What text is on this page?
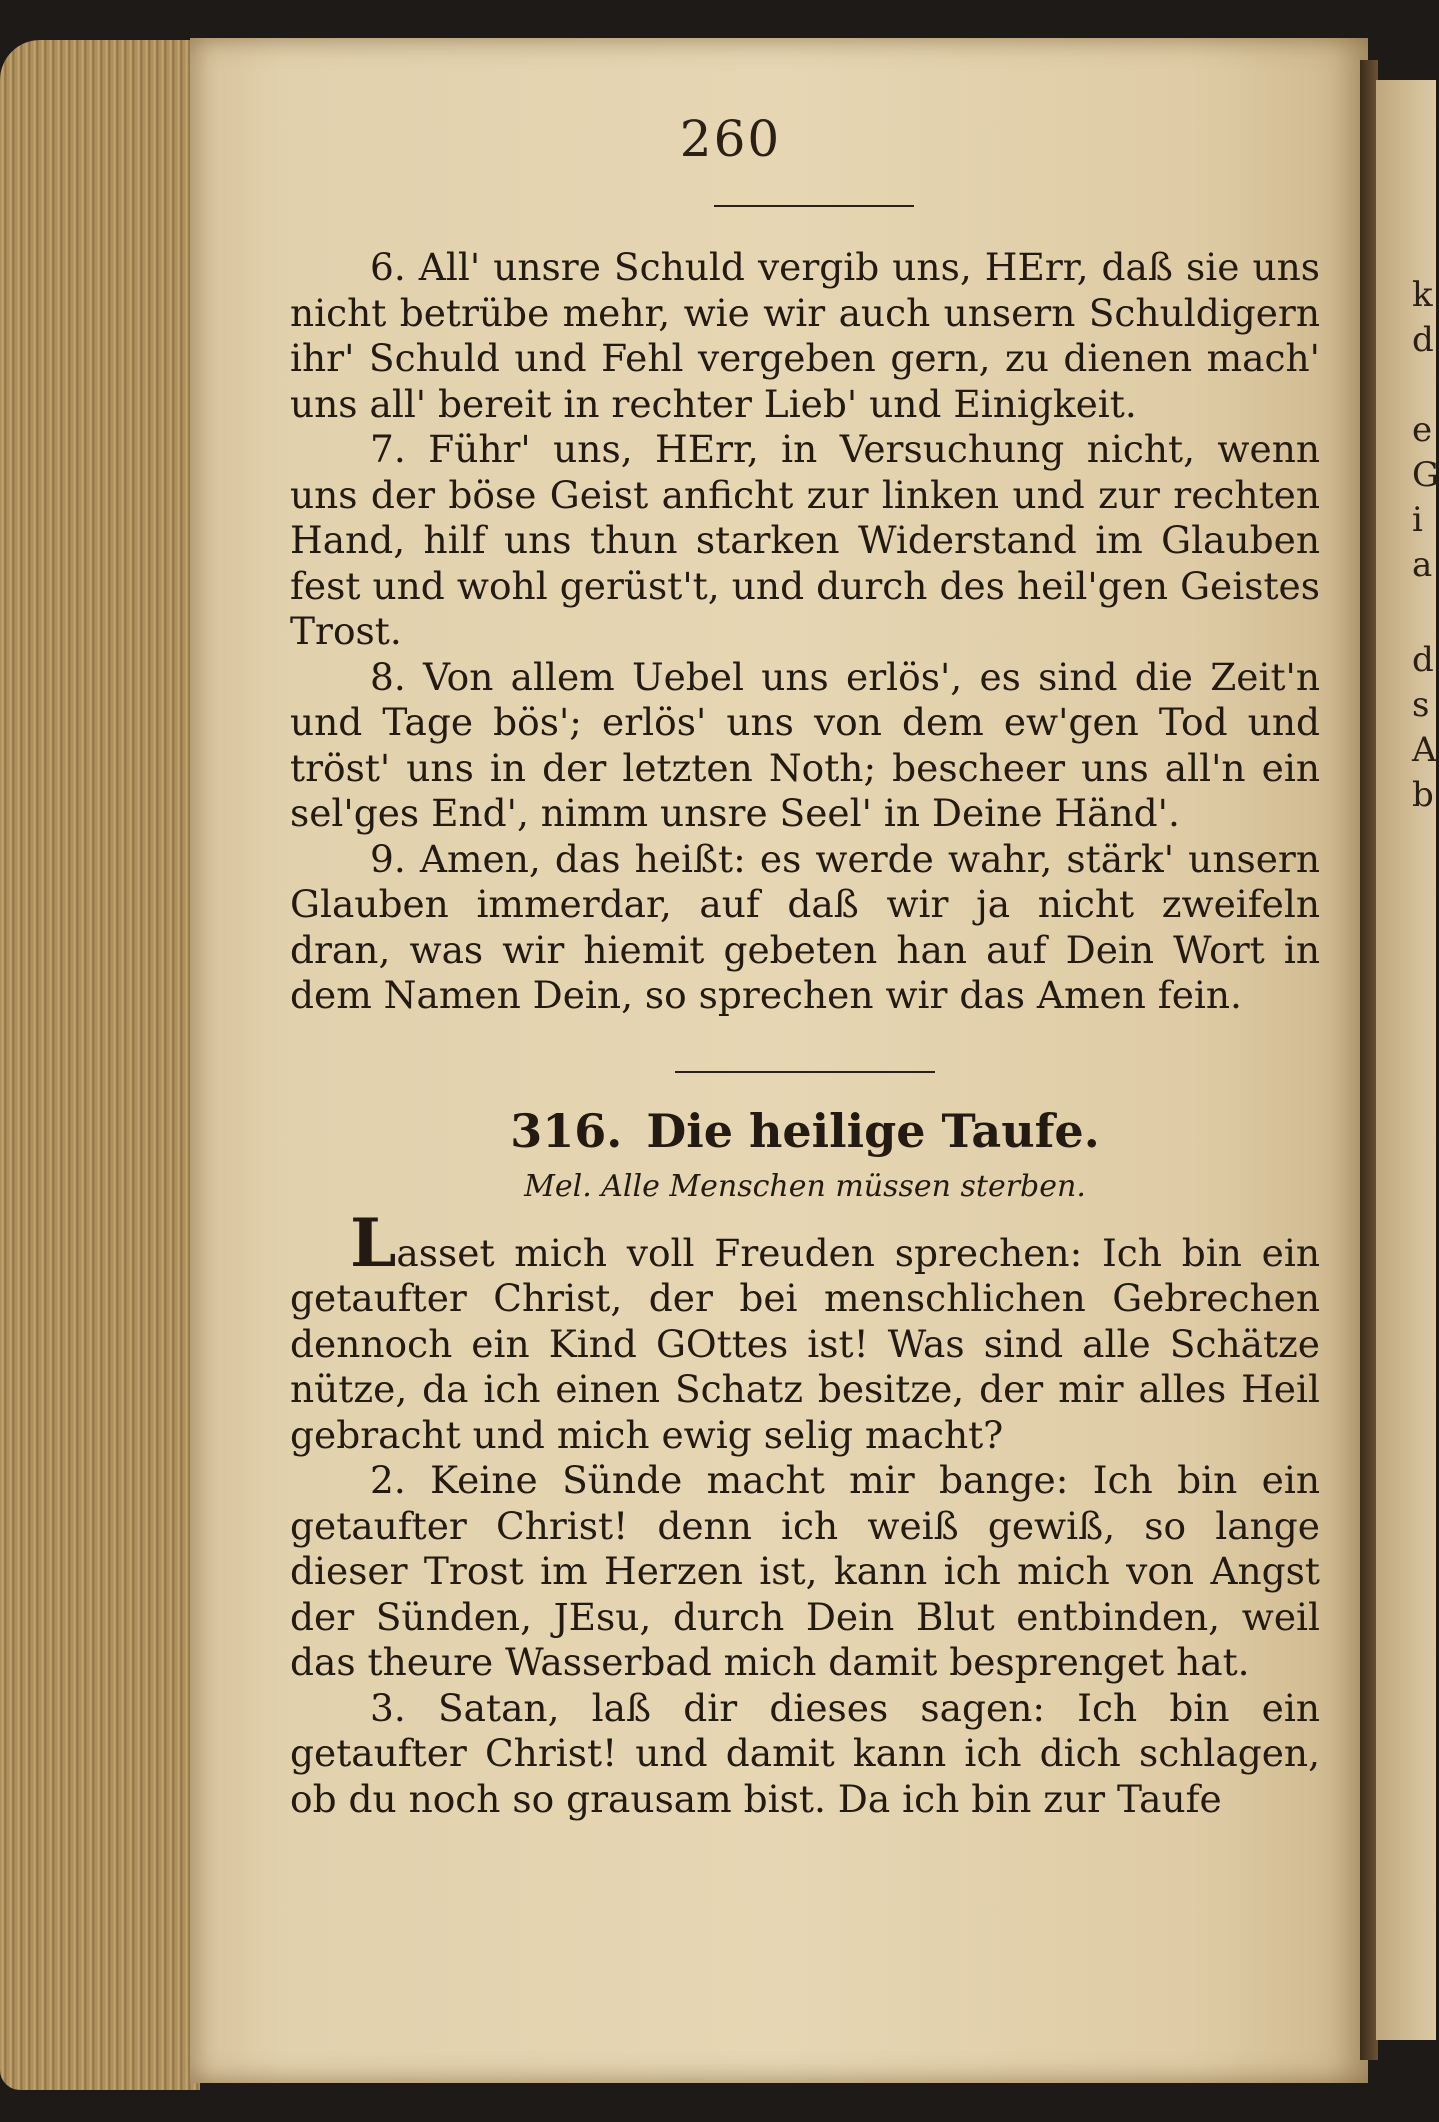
k
d
e
G
i
a
d
s
A
b
260

6. All' unsre Schuld vergib uns, HErr, daß sie uns nicht betrübe mehr, wie wir auch unsern Schuldigern ihr' Schuld und Fehl vergeben gern, zu dienen mach' uns all' bereit in rechter Lieb' und Einigkeit.

7. Führ' uns, HErr, in Versuchung nicht, wenn uns der böse Geist anficht zur linken und zur rechten Hand, hilf uns thun starken Widerstand im Glauben fest und wohl gerüst't, und durch des heil'gen Geistes Trost.

8. Von allem Uebel uns erlös', es sind die Zeit'n und Tage bös'; erlös' uns von dem ew'gen Tod und tröst' uns in der letzten Noth; bescheer uns all'n ein sel'ges End', nimm unsre Seel' in Deine Händ'.

9. Amen, das heißt: es werde wahr, stärk' unsern Glauben immerdar, auf daß wir ja nicht zweifeln dran, was wir hiemit gebeten han auf Dein Wort in dem Namen Dein, so sprechen wir das Amen fein.

316. Die heilige Taufe.
Mel. Alle Menschen müssen sterben.

Lasset mich voll Freuden sprechen: Ich bin ein getaufter Christ, der bei menschlichen Gebrechen dennoch ein Kind GOttes ist! Was sind alle Schätze nütze, da ich einen Schatz besitze, der mir alles Heil gebracht und mich ewig selig macht?

2. Keine Sünde macht mir bange: Ich bin ein getaufter Christ! denn ich weiß gewiß, so lange dieser Trost im Herzen ist, kann ich mich von Angst der Sünden, JEsu, durch Dein Blut entbinden, weil das theure Wasserbad mich damit besprenget hat.

3. Satan, laß dir dieses sagen: Ich bin ein getaufter Christ! und damit kann ich dich schlagen, ob du noch so grausam bist. Da ich bin zur Taufe
